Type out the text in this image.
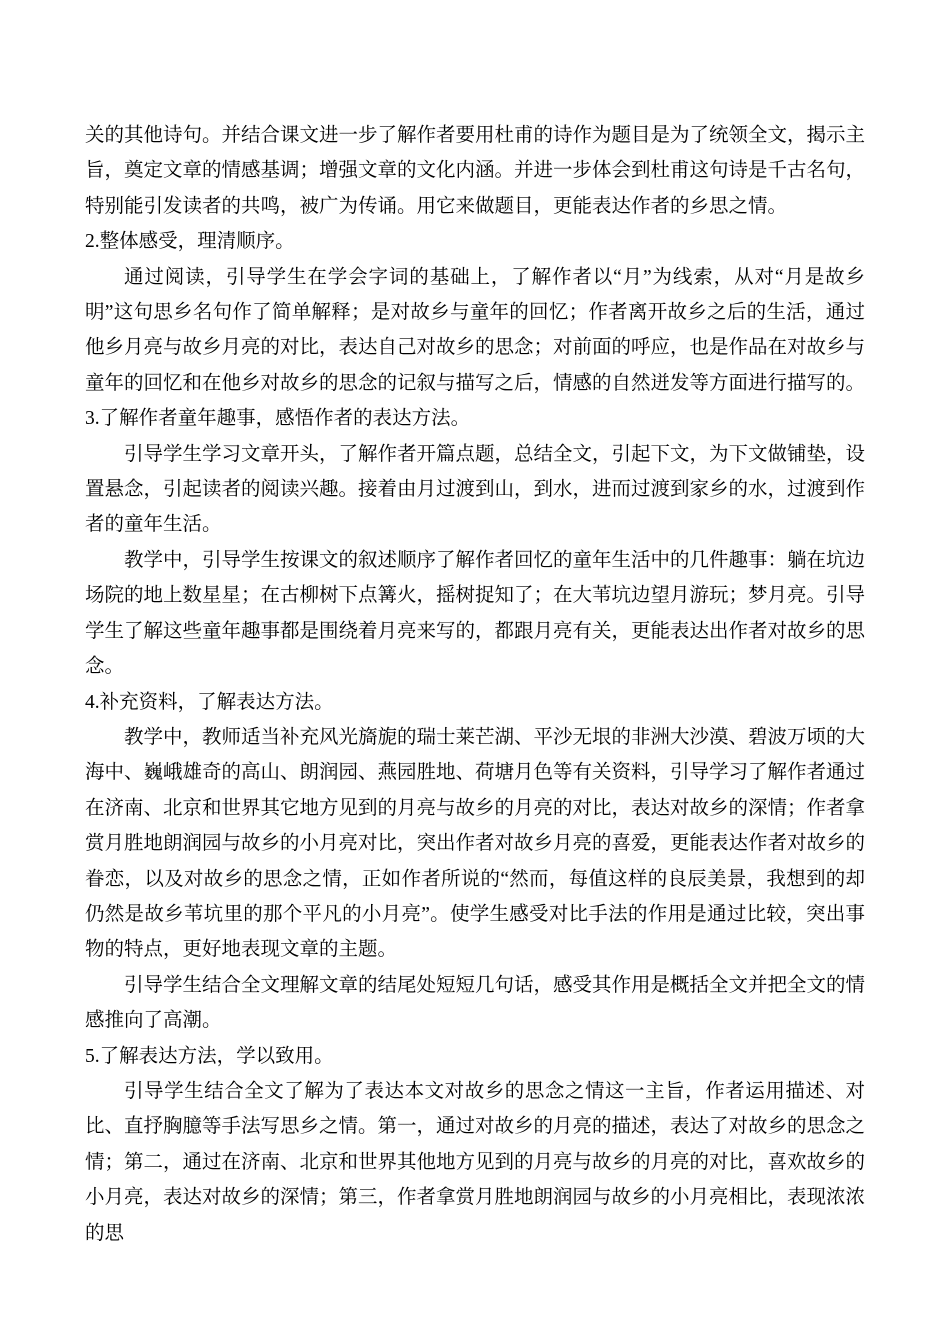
关的其他诗句。并结合课文进一步了解作者要用杜甫的诗作为题目是为了统领全文，揭示主旨，奠定文章的情感基调；增强文章的文化内涵。并进一步体会到杜甫这句诗是千古名句，特别能引发读者的共鸣，被广为传诵。用它来做题目，更能表达作者的乡思之情。

2.整体感受，理清顺序。

通过阅读，引导学生在学会字词的基础上，了解作者以“月”为线索，从对“月是故乡明”这句思乡名句作了简单解释；是对故乡与童年的回忆；作者离开故乡之后的生活，通过他乡月亮与故乡月亮的对比，表达自己对故乡的思念；对前面的呼应，也是作品在对故乡与童年的回忆和在他乡对故乡的思念的记叙与描写之后，情感的自然迸发等方面进行描写的。

3.了解作者童年趣事，感悟作者的表达方法。

引导学生学习文章开头，了解作者开篇点题，总结全文，引起下文，为下文做铺垫，设置悬念，引起读者的阅读兴趣。接着由月过渡到山，到水，进而过渡到家乡的水，过渡到作者的童年生活。

教学中，引导学生按课文的叙述顺序了解作者回忆的童年生活中的几件趣事：躺在坑边场院的地上数星星；在古柳树下点篝火，摇树捉知了；在大苇坑边望月游玩；梦月亮。引导学生了解这些童年趣事都是围绕着月亮来写的，都跟月亮有关，更能表达出作者对故乡的思念。

4.补充资料，了解表达方法。

教学中，教师适当补充风光旖旎的瑞士莱芒湖、平沙无垠的非洲大沙漠、碧波万顷的大海中、巍峨雄奇的高山、朗润园、燕园胜地、荷塘月色等有关资料，引导学习了解作者通过在济南、北京和世界其它地方见到的月亮与故乡的月亮的对比，表达对故乡的深情；作者拿赏月胜地朗润园与故乡的小月亮对比，突出作者对故乡月亮的喜爱，更能表达作者对故乡的眷恋，以及对故乡的思念之情，正如作者所说的“然而，每值这样的良辰美景，我想到的却仍然是故乡苇坑里的那个平凡的小月亮”。使学生感受对比手法的作用是通过比较，突出事物的特点，更好地表现文章的主题。

引导学生结合全文理解文章的结尾处短短几句话，感受其作用是概括全文并把全文的情感推向了高潮。

5.了解表达方法，学以致用。

引导学生结合全文了解为了表达本文对故乡的思念之情这一主旨，作者运用描述、对比、直抒胸臆等手法写思乡之情。第一，通过对故乡的月亮的描述，表达了对故乡的思念之情；第二，通过在济南、北京和世界其他地方见到的月亮与故乡的月亮的对比，喜欢故乡的小月亮，表达对故乡的深情；第三，作者拿赏月胜地朗润园与故乡的小月亮相比，表现浓浓的思
